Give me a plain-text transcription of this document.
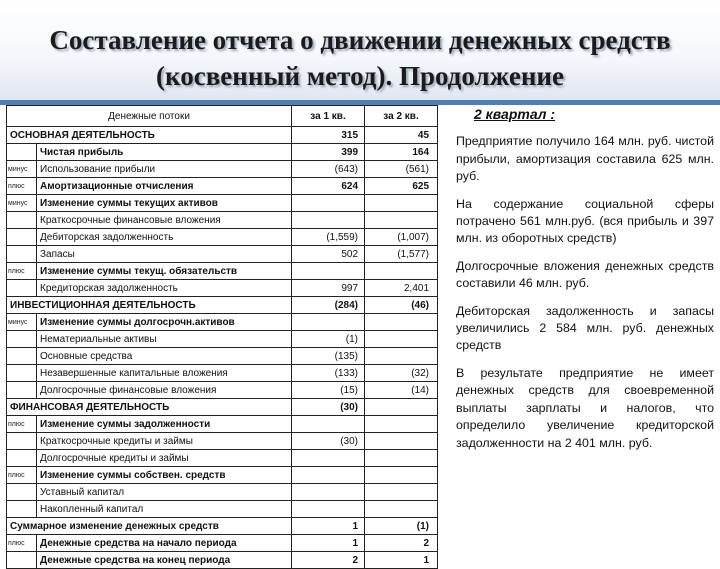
Составление отчета о движении денежных средств (косвенный метод). Продолжение
Денежные потоки		за 1 кв.	за 2 кв.
ОСНОВНАЯ ДЕЯТЕЛЬНОСТЬ		315	45
	Чистая прибыль	399	164
минус	Использование прибыли	(643)	(561)
плюс	Амортизационные отчисления	624	625
минус	Изменение суммы текущих активов		
	Краткосрочные финансовые вложения		
	Дебиторская задолженность	(1,559)	(1,007)
	Запасы	502	(1,577)
плюс	Изменение суммы текущ. обязательств		
	Кредиторская задолженность	997	2,401
ИНВЕСТИЦИОННАЯ ДЕЯТЕЛЬНОСТЬ		(284)	(46)
минус	Изменение суммы долгосрочн.активов		
	Нематериальные активы	(1)	
	Основные средства	(135)	
	Незавершенные капитальные вложения	(133)	(32)
	Долгосрочные финансовые вложения	(15)	(14)
ФИНАНСОВАЯ ДЕЯТЕЛЬНОСТЬ		(30)	
плюс	Изменение суммы задолженности		
	Краткосрочные кредиты и займы	(30)	
	Долгосрочные кредиты и займы		
плюс	Изменение суммы собствен. средств		
	Уставный капитал		
	Накопленный капитал		
Суммарное изменение денежных средств		1	(1)
плюс	Денежные средства на начало периода	1	2
	Денежные средства на конец периода	2	1
2 квартал :
Предприятие получило 164 млн. руб. чистой прибыли, амортизация составила 625 млн. руб.
На содержание социальной сферы потрачено 561 млн.руб. (вся прибыль и 397 млн. из оборотных средств)
Долгосрочные вложения денежных средств составили 46 млн. руб.
Дебиторская задолженность и запасы увеличились 2 584 млн. руб. денежных средств
В результате предприятие не имеет денежных средств для своевременной выплаты зарплаты и налогов, что определило увеличение кредиторской задолженности на 2 401 млн. руб.
